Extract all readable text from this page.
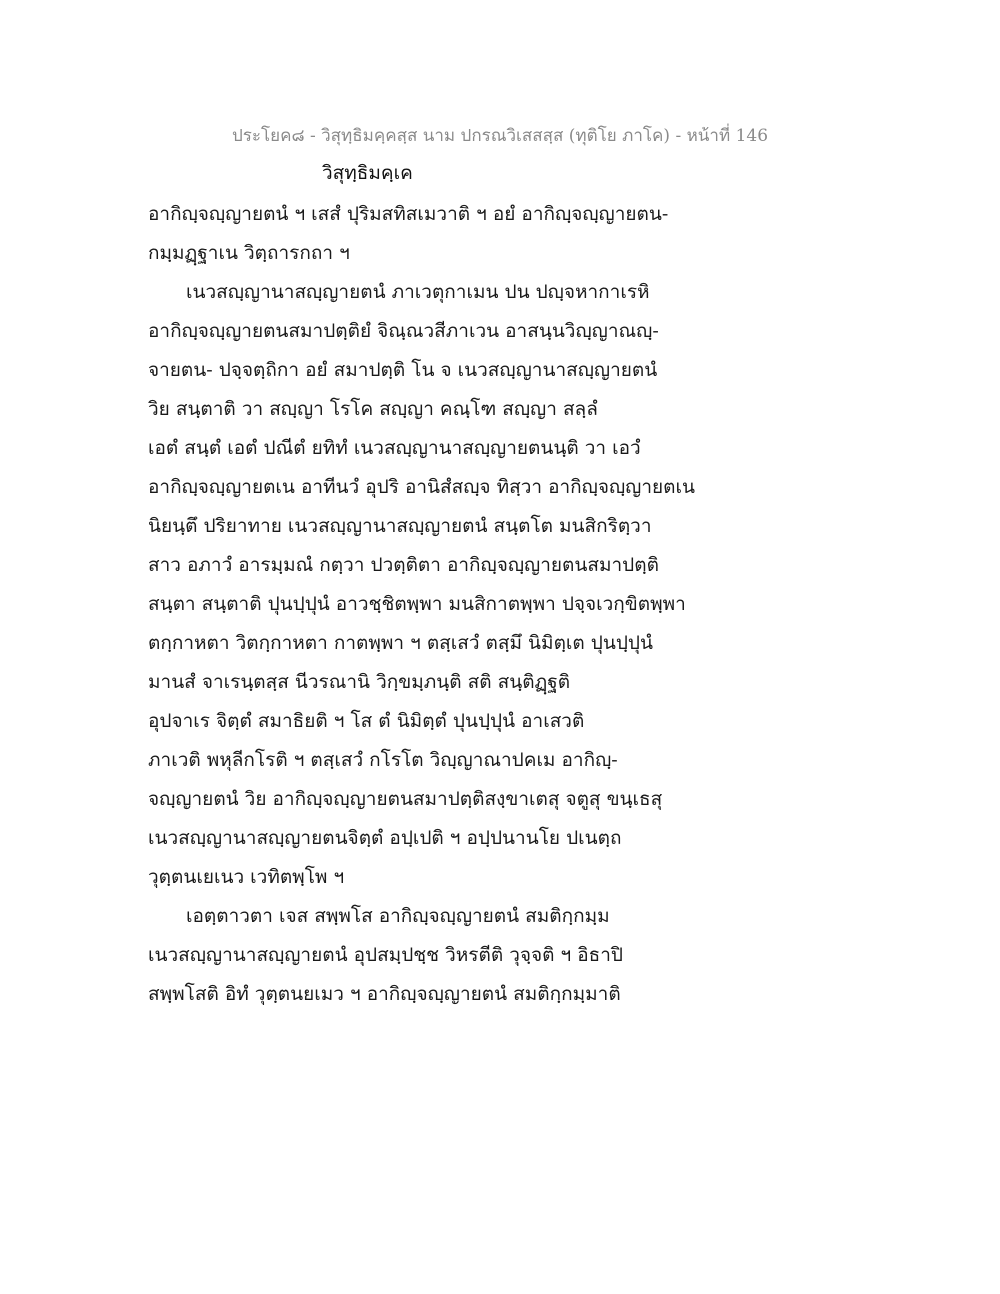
ประโยค๘ - วิสุทฺธิมคฺคสฺส นาม ปกรณวิเสสสฺส (ทุติโย ภาโค) - หน้าที่ 146
วิสุทฺธิมคฺเค
อากิญฺจญฺญายตนํ ฯ เสสํ ปุริมสทิสเมวาติ ฯ อยํ อากิญฺจญฺญายตน-
กมฺมฏฺฐาเน วิตฺถารกถา ฯ
เนวสญฺญานาสญฺญายตนํ ภาเวตุกาเมน ปน ปญฺจหากาเรหิ
อากิญฺจญฺญายตนสมาปตฺติยํ จิณฺณวสีภาเวน อาสนฺนวิญฺญาณญฺ-
จายตน- ปจฺจตฺถิกา อยํ สมาปตฺติ โน จ เนวสญฺญานาสญฺญายตนํ
วิย สนฺตาติ วา สญฺญา โรโค สญฺญา คณฺโฑ สญฺญา สลฺลํ
เอตํ สนฺตํ เอตํ ปณีตํ ยทิทํ เนวสญฺญานาสญฺญายตนนฺติ วา เอวํ
อากิญฺจญฺญายตเน อาทีนวํ อุปริ อานิสํสญฺจ ทิสฺวา อากิญฺจญฺญายตเน
นิยนฺตึ ปริยาทาย เนวสญฺญานาสญฺญายตนํ สนฺตโต มนสิกริตฺวา
สาว อภาวํ อารมฺมณํ กตฺวา ปวตฺติตา อากิญฺจญฺญายตนสมาปตฺติ
สนฺตา สนฺตาติ ปุนปฺปุนํ อาวชฺชิตพฺพา มนสิกาตพฺพา ปจฺจเวกฺขิตพฺพา
ตกฺกาหตา วิตกฺกาหตา กาตพฺพา ฯ ตสฺเสวํ ตสฺมึ นิมิตฺเต ปุนปฺปุนํ
มานสํ จาเรนฺตสฺส นีวรณานิ วิกฺขมฺภนฺติ สติ สนฺติฏฺฐติ
อุปจาเร จิตฺตํ สมาธิยติ ฯ โส ตํ นิมิตฺตํ ปุนปฺปุนํ อาเสวติ
ภาเวติ พหุลีกโรติ ฯ ตสฺเสวํ กโรโต วิญฺญาณาปคเม อากิญฺ-
จญฺญายตนํ วิย อากิญฺจญฺญายตนสมาปตฺติสงฺขาเตสุ จตูสุ ขนฺเธสุ
เนวสญฺญานาสญฺญายตนจิตฺตํ อปฺเปติ ฯ อปฺปนานโย ปเนตฺถ
วุตฺตนเยเนว เวทิตพฺโพ ฯ
เอตฺตาวตา เจส สพฺพโส อากิญฺจญฺญายตนํ สมติกฺกมฺม
เนวสญฺญานาสญฺญายตนํ อุปสมฺปชฺช วิหรตีติ วุจฺจติ ฯ อิธาปิ
สพฺพโสติ อิทํ วุตฺตนยเมว ฯ อากิญฺจญฺญายตนํ สมติกฺกมฺมาติ
